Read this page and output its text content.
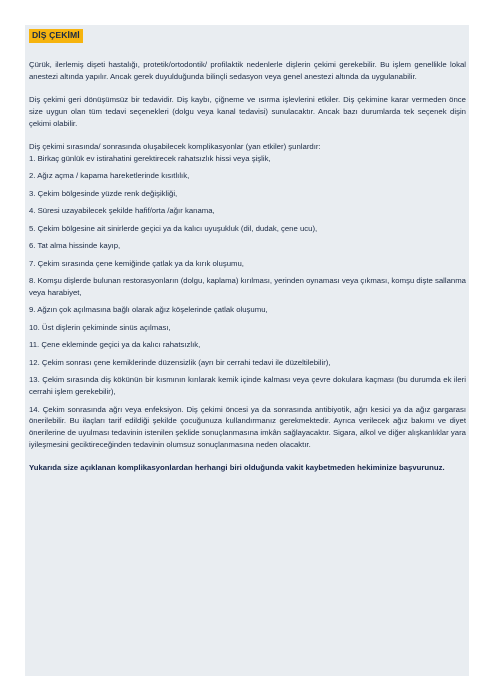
DİŞ ÇEKİMİ

Çürük, ilerlemiş dişeti hastalığı, protetik/ortodontik/ profilaktik nedenlerle dişlerin çekimi gerekebilir. Bu işlem genellikle lokal anestezi altında yapılır. Ancak gerek duyulduğunda bilinçli sedasyon veya genel anestezi altında da uygulanabilir.

Diş çekimi geri dönüşümsüz bir tedavidir. Diş kaybı, çiğneme ve ısırma işlevlerini etkiler. Diş çekimine karar vermeden önce size uygun olan tüm tedavi seçenekleri (dolgu veya kanal tedavisi) sunulacaktır. Ancak bazı durumlarda tek seçenek dişin çekimi olabilir.

Diş çekimi sırasında/ sonrasında oluşabilecek komplikasyonlar (yan etkiler) şunlardır:

1. Birkaç günlük ev istirahatini gerektirecek rahatsızlık hissi veya şişlik,
2. Ağız açma / kapama hareketlerinde kısıtlılık,
3. Çekim bölgesinde yüzde renk değişikliği,
4. Süresi uzayabilecek şekilde hafif/orta /ağır kanama,
5. Çekim bölgesine ait sinirlerde geçici ya da kalıcı uyuşukluk (dil, dudak, çene ucu),
6. Tat alma hissinde kayıp,
7. Çekim sırasında çene kemiğinde çatlak ya da kırık oluşumu,
8. Komşu dişlerde bulunan restorasyonların (dolgu, kaplama) kırılması, yerinden oynaması veya çıkması, komşu dişte sallanma veya harabiyet,
9. Ağzın çok açılmasına bağlı olarak ağız köşelerinde çatlak oluşumu,
10. Üst dişlerin çekiminde sinüs açılması,
11. Çene ekleminde geçici ya da kalıcı rahatsızlık,
12. Çekim sonrası çene kemiklerinde düzensizlik (ayrı bir cerrahi tedavi ile düzeltilebilir),
13. Çekim sırasında diş kökünün bir kısmının kırılarak kemik içinde kalması veya çevre dokulara kaçması (bu durumda ek ileri cerrahi işlem gerekebilir),
14. Çekim sonrasında ağrı veya enfeksiyon. Diş çekimi öncesi ya da sonrasında antibiyotik, ağrı kesici ya da ağız gargarası önerilebilir. Bu ilaçları tarif edildiği şekilde çocuğunuza kullandırmanız gerekmektedir. Ayrıca verilecek ağız bakımı ve diyet önerilerine de uyulması tedavinin istenilen şeklide sonuçlanmasına imkân sağlayacaktır. Sigara, alkol ve diğer alışkanlıklar yara iyileşmesini geciktireceğinden tedavinin olumsuz sonuçlanmasına neden olacaktır.

Yukarıda size açıklanan komplikasyonlardan herhangi biri olduğunda vakit kaybetmeden hekiminize başvurunuz.
